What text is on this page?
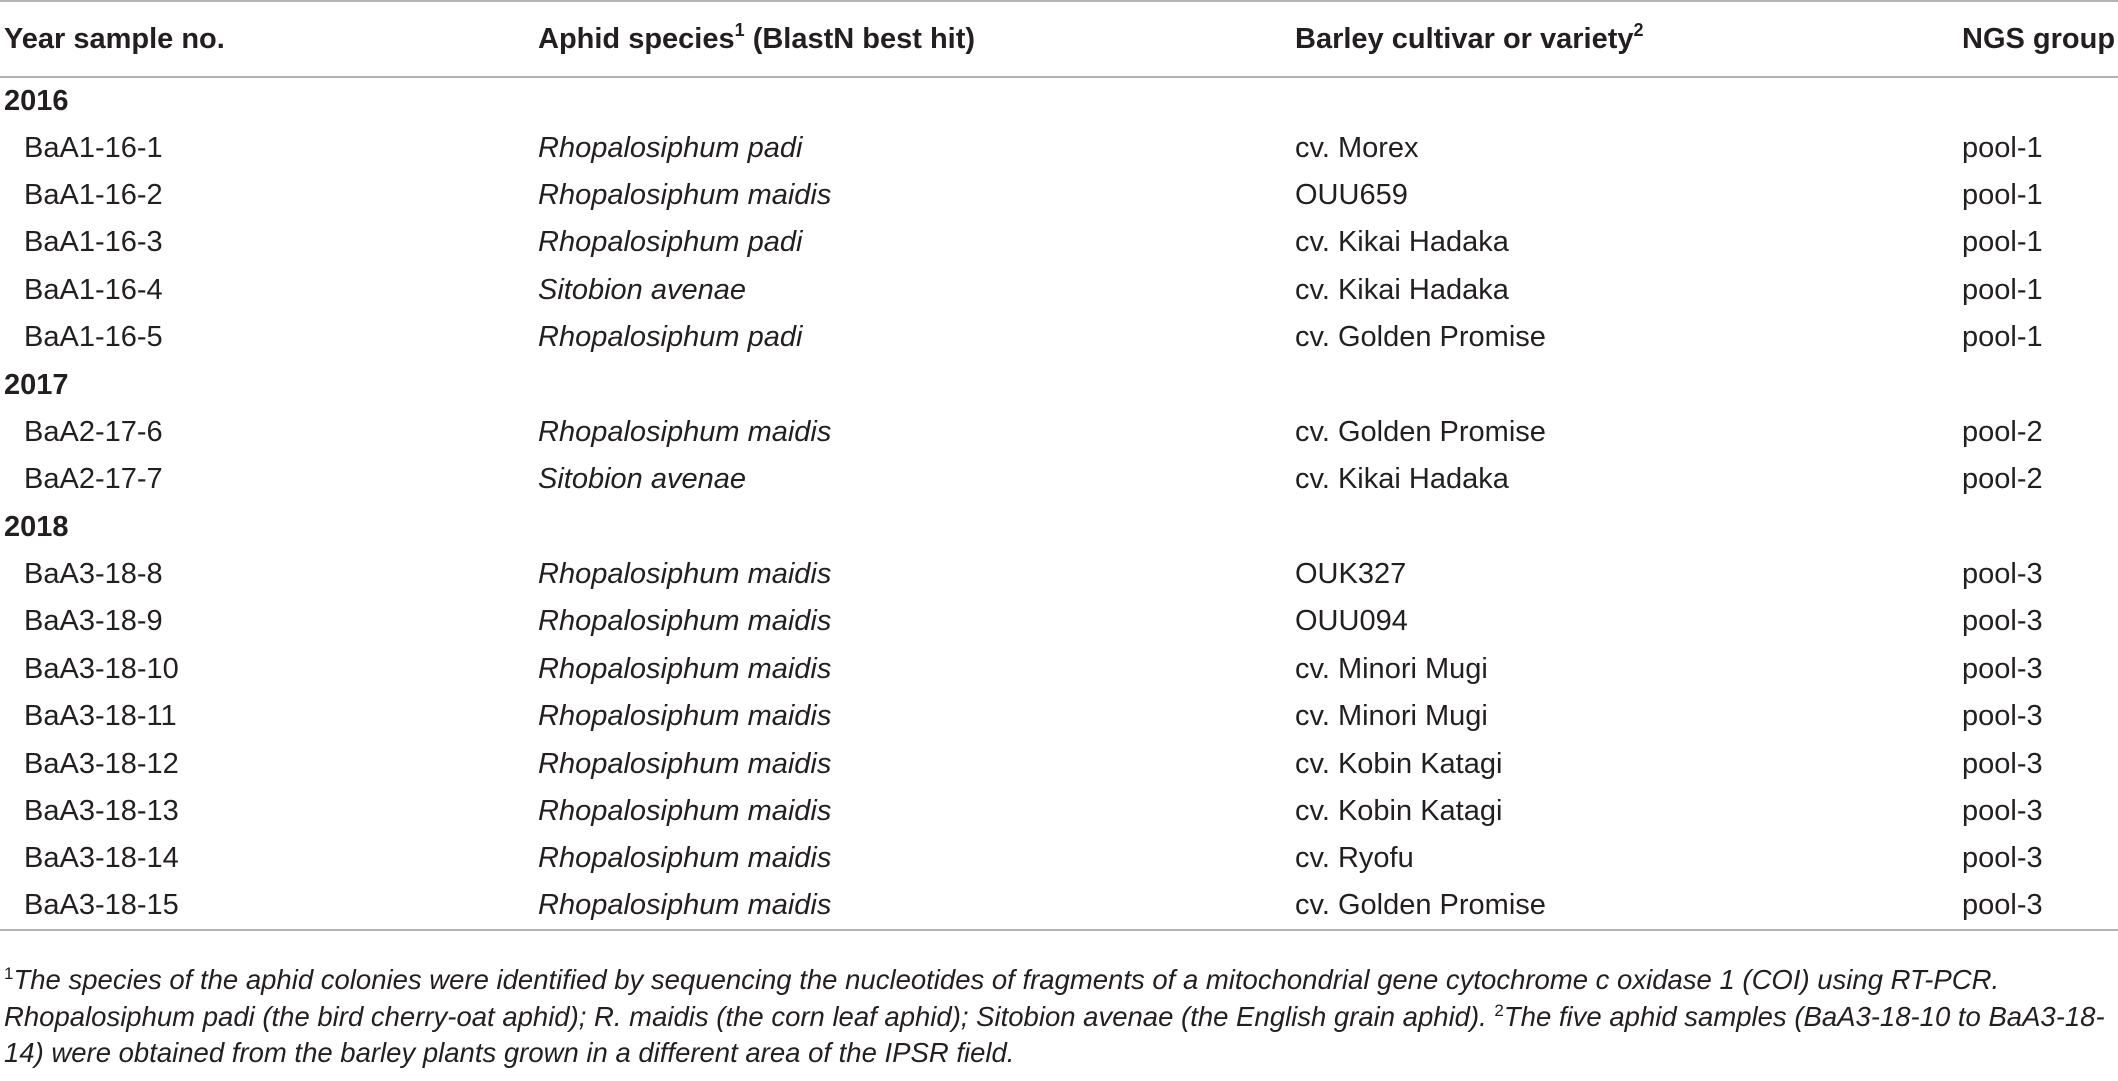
Year sample no.	Aphid species$^1$ (BlastN best hit)	Barley cultivar or variety$^2$	NGS group
2016			
BaA1-16-1	Rhopalosiphum padi	cv. Morex	pool-1
BaA1-16-2	Rhopalosiphum maidis	OUU659	pool-1
BaA1-16-3	Rhopalosiphum padi	cv. Kikai Hadaka	pool-1
BaA1-16-4	Sitobion avenae	cv. Kikai Hadaka	pool-1
BaA1-16-5	Rhopalosiphum padi	cv. Golden Promise	pool-1
2017			
BaA2-17-6	Rhopalosiphum maidis	cv. Golden Promise	pool-2
BaA2-17-7	Sitobion avenae	cv. Kikai Hadaka	pool-2
2018			
BaA3-18-8	Rhopalosiphum maidis	OUK327	pool-3
BaA3-18-9	Rhopalosiphum maidis	OUU094	pool-3
BaA3-18-10	Rhopalosiphum maidis	cv. Minori Mugi	pool-3
BaA3-18-11	Rhopalosiphum maidis	cv. Minori Mugi	pool-3
BaA3-18-12	Rhopalosiphum maidis	cv. Kobin Katagi	pool-3
BaA3-18-13	Rhopalosiphum maidis	cv. Kobin Katagi	pool-3
BaA3-18-14	Rhopalosiphum maidis	cv. Ryofu	pool-3
BaA3-18-15	Rhopalosiphum maidis	cv. Golden Promise	pool-3
$^1$The species of the aphid colonies were identified by sequencing the nucleotides of fragments of a mitochondrial gene cytochrome c oxidase 1 (COI) using RT-PCR. Rhopalosiphum padi (the bird cherry-oat aphid); R. maidis (the corn leaf aphid); Sitobion avenae (the English grain aphid). $^2$The five aphid samples (BaA3-18-10 to BaA3-18-14) were obtained from the barley plants grown in a different area of the IPSR field.
